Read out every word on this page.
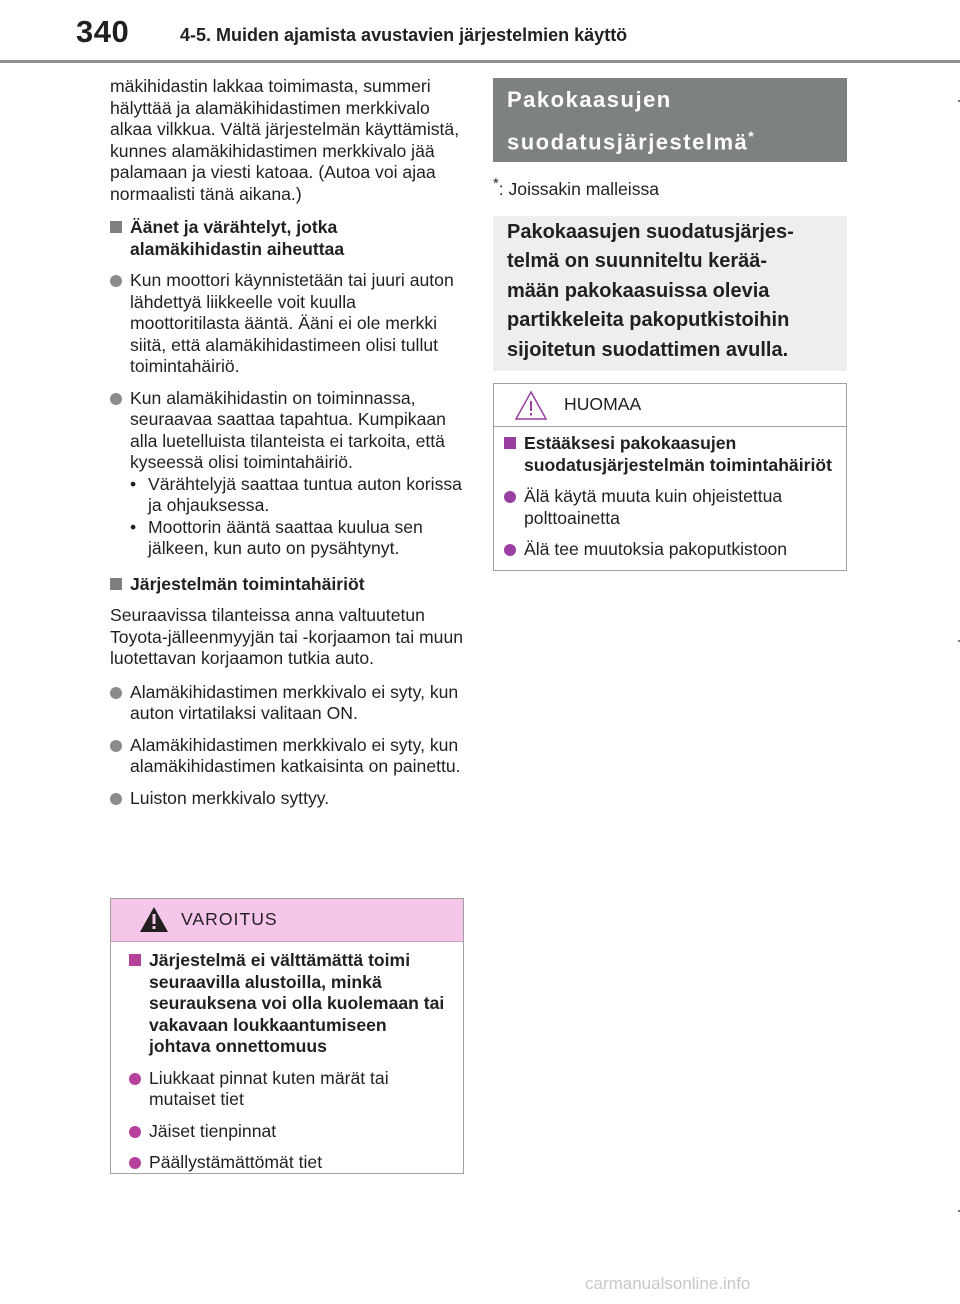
340	4-5. Muiden ajamista avustavien järjestelmien käyttö

mäkihidastin lakkaa toimimasta, summeri hälyttää ja alamäkihidastimen merkkivalo alkaa vilkkua. Vältä järjestelmän käyttämistä, kunnes alamäkihidastimen merkkivalo jää palamaan ja viesti katoaa. (Autoa voi ajaa normaalisti tänä aikana.)

Äänet ja värähtelyt, jotka alamäkihidastin aiheuttaa
Kun moottori käynnistetään tai juuri auton lähdettyä liikkeelle voit kuulla moottoritilasta ääntä. Ääni ei ole merkki siitä, että alamäkihidastimeen olisi tullut toimintahäiriö.

Kun alamäkihidastin on toiminnassa, seuraavaa saattaa tapahtua. Kumpikaan alla luetelluista tilanteista ei tarkoita, että kyseessä olisi toimintahäiriö.

• Värähtelyjä saattaa tuntua auton korissa ja ohjauksessa.
• Moottorin ääntä saattaa kuulua sen jälkeen, kun auto on pysähtynyt.
Järjestelmän toimintahäiriöt

Seuraavissa tilanteissa anna valtuutetun Toyota-jälleenmyyjän tai -korjaamon tai muun luotettavan korjaamon tutkia auto.

Alamäkihidastimen merkkivalo ei syty, kun auton virtatilaksi valitaan ON.
Alamäkihidastimen merkkivalo ei syty, kun alamäkihidastimen katkaisinta on painettu.
Luiston merkkivalo syttyy.
VAROITUS
Järjestelmä ei välttämättä toimi seuraavilla alustoilla, minkä seurauksena voi olla kuolemaan tai vakavaan loukkaantumiseen johtava onnettomuus
Liukkaat pinnat kuten märät tai mutaiset tiet
Jäiset tienpinnat
Päällystämättömät tiet
Pakokaasujen
suodatusjärjestelmä*
*: Joissakin malleissa

Pakokaasujen suodatusjärjes-

telmä on suunniteltu kerää-

mään pakokaasuissa olevia

partikkeleita pakoputkistoihin

sijoitetun suodattimen avulla.

HUOMAA
Estääksesi pakokaasujen suodatusjärjestelmän toimintahäiriöt
Älä käytä muuta kuin ohjeistettua polttoainetta
Älä tee muutoksia pakoputkistoon
carmanualsonline.info
